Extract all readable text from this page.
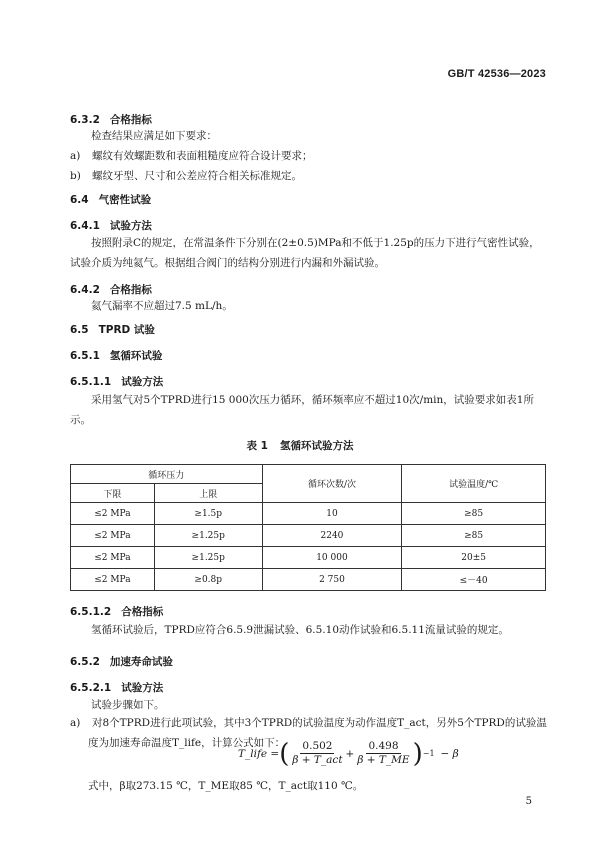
GB/T 42536—2023
6.3.2 合格指标
检查结果应满足如下要求：
a) 螺纹有效螺距数和表面粗糙度应符合设计要求；
b) 螺纹牙型、尺寸和公差应符合相关标准规定。
6.4 气密性试验
6.4.1 试验方法
按照附录C的规定，在常温条件下分别在(2±0.5)MPa和不低于1.25p的压力下进行气密性试验，试验介质为纯氦气。根据组合阀门的结构分别进行内漏和外漏试验。
6.4.2 合格指标
氦气漏率不应超过7.5 mL/h。
6.5 TPRD 试验
6.5.1 氢循环试验
6.5.1.1 试验方法
采用氢气对5个TPRD进行15 000次压力循环，循环频率应不超过10次/min，试验要求如表1所示。
表 1 氢循环试验方法
循环压力		循环次数/次	试验温度/℃
下限	上限		
≤2 MPa	≥1.5p	10	≥85
≤2 MPa	≥1.25p	2240	≥85
≤2 MPa	≥1.25p	10 000	20±5
≤2 MPa	≥0.8p	2 750	≤－40
6.5.1.2 合格指标
氢循环试验后，TPRD应符合6.5.9泄漏试验、6.5.10动作试验和6.5.11流量试验的规定。
6.5.2 加速寿命试验
6.5.2.1 试验方法
试验步骤如下。
a) 对8个TPRD进行此项试验，其中3个TPRD的试验温度为动作温度T_act，另外5个TPRD的试验温度为加速寿命温度T_life，计算公式如下：
T_life = ( $\frac{0.502}{\text{β + T\_act}} + \frac{0.498}{\beta + T\_ME}$ ) −1 − β
式中，β取273.15 ℃，T_ME取85 ℃，T_act取110 ℃。
5
